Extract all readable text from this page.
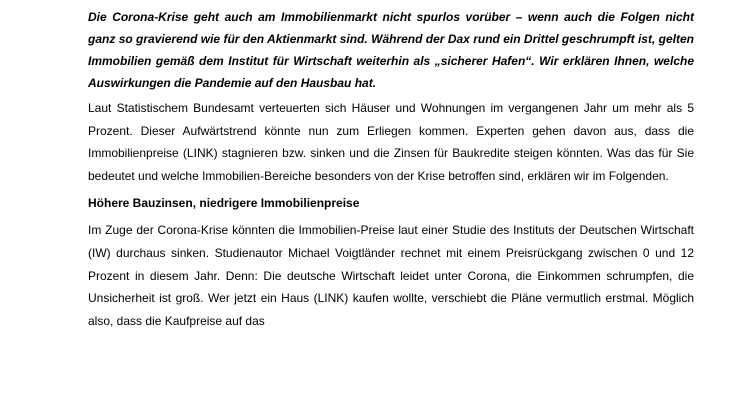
Die Corona-Krise geht auch am Immobilienmarkt nicht spurlos vorüber – wenn auch die Folgen nicht ganz so gravierend wie für den Aktienmarkt sind. Während der Dax rund ein Drittel geschrumpft ist, gelten Immobilien gemäß dem Institut für Wirtschaft weiterhin als „sicherer Hafen“. Wir erklären Ihnen, welche Auswirkungen die Pandemie auf den Hausbau hat.

Laut Statistischem Bundesamt verteuerten sich Häuser und Wohnungen im vergangenen Jahr um mehr als 5 Prozent. Dieser Aufwärtstrend könnte nun zum Erliegen kommen. Experten gehen davon aus, dass die Immobilienpreise (LINK) stagnieren bzw. sinken und die Zinsen für Baukredite steigen könnten. Was das für Sie bedeutet und welche Immobilien-Bereiche besonders von der Krise betroffen sind, erklären wir im Folgenden.

Höhere Bauzinsen, niedrigere Immobilienpreise

Im Zuge der Corona-Krise könnten die Immobilien-Preise laut einer Studie des Instituts der Deutschen Wirtschaft (IW) durchaus sinken. Studienautor Michael Voigtländer rechnet mit einem Preisrückgang zwischen 0 und 12 Prozent in diesem Jahr. Denn: Die deutsche Wirtschaft leidet unter Corona, die Einkommen schrumpfen, die Unsicherheit ist groß. Wer jetzt ein Haus (LINK) kaufen wollte, verschiebt die Pläne vermutlich erstmal. Möglich also, dass die Kaufpreise auf das
